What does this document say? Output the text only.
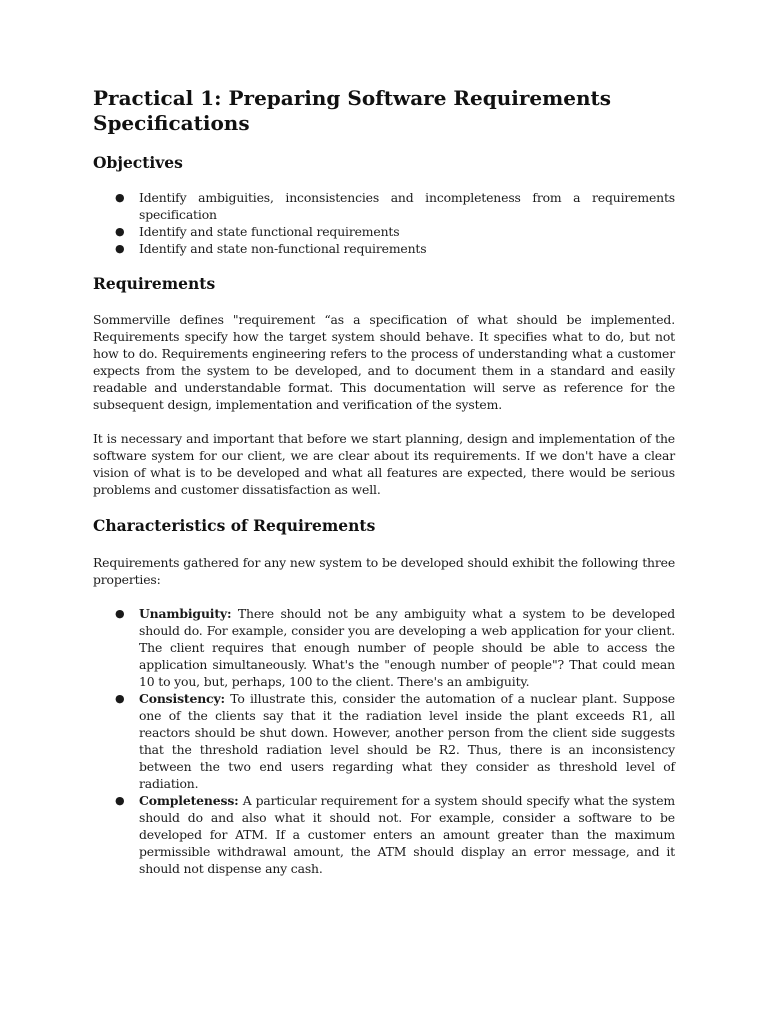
Practical 1: Preparing Software Requirements Specifications
Objectives
● Identify ambiguities, inconsistencies and incompleteness from a requirements specification
● Identify and state functional requirements
● Identify and state non-functional requirements
Requirements

Sommerville defines "requirement “as a specification of what should be implemented. Requirements specify how the target system should behave. It specifies what to do, but not how to do. Requirements engineering refers to the process of understanding what a customer expects from the system to be developed, and to document them in a standard and easily readable and understandable format. This documentation will serve as reference for the subsequent design, implementation and verification of the system.

It is necessary and important that before we start planning, design and implementation of the software system for our client, we are clear about its requirements. If we don't have a clear vision of what is to be developed and what all features are expected, there would be serious problems and customer dissatisfaction as well.

Characteristics of Requirements

Requirements gathered for any new system to be developed should exhibit the following three properties:

● Unambiguity: There should not be any ambiguity what a system to be developed should do. For example, consider you are developing a web application for your client. The client requires that enough number of people should be able to access the application simultaneously. What's the "enough number of people"? That could mean 10 to you, but, perhaps, 100 to the client. There's an ambiguity.
● Consistency: To illustrate this, consider the automation of a nuclear plant. Suppose one of the clients say that it the radiation level inside the plant exceeds R1, all reactors should be shut down. However, another person from the client side suggests that the threshold radiation level should be R2. Thus, there is an inconsistency between the two end users regarding what they consider as threshold level of radiation.
● Completeness: A particular requirement for a system should specify what the system should do and also what it should not. For example, consider a software to be developed for ATM. If a customer enters an amount greater than the maximum permissible withdrawal amount, the ATM should display an error message, and it should not dispense any cash.
